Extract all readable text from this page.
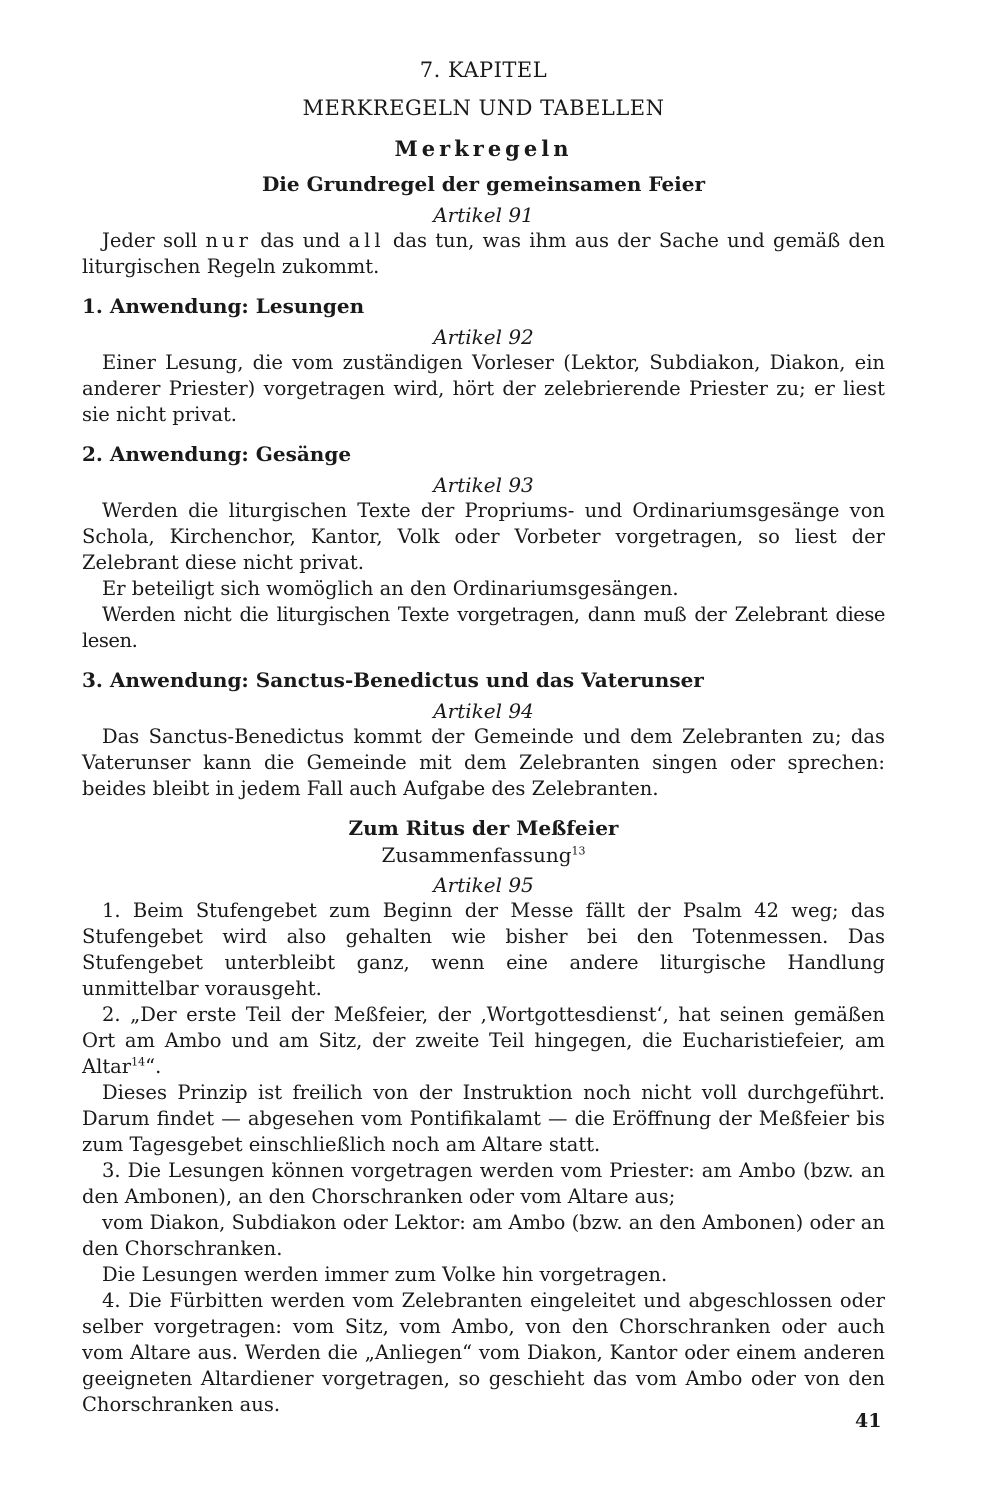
7. KAPITEL
MERKREGELN UND TABELLEN
Merkregeln
Die Grundregel der gemeinsamen Feier
Artikel 91

Jeder soll nur das und all das tun, was ihm aus der Sache und gemäß den liturgischen Regeln zukommt.

1. Anwendung: Lesungen
Artikel 92

Einer Lesung, die vom zuständigen Vorleser (Lektor, Subdiakon, Diakon, ein anderer Priester) vorgetragen wird, hört der zelebrierende Priester zu; er liest sie nicht privat.

2. Anwendung: Gesänge
Artikel 93

Werden die liturgischen Texte der Propriums- und Ordinariumsgesänge von Schola, Kirchenchor, Kantor, Volk oder Vorbeter vorgetragen, so liest der Zelebrant diese nicht privat.

Er beteiligt sich womöglich an den Ordinariumsgesängen.

Werden nicht die liturgischen Texte vorgetragen, dann muß der Zelebrant diese lesen.

3. Anwendung: Sanctus-Benedictus und das Vaterunser
Artikel 94

Das Sanctus-Benedictus kommt der Gemeinde und dem Zelebranten zu; das Vaterunser kann die Gemeinde mit dem Zelebranten singen oder sprechen: beides bleibt in jedem Fall auch Aufgabe des Zelebranten.

Zum Ritus der Meßfeier
Zusammenfassung$^{13}$
Artikel 95

1. Beim Stufengebet zum Beginn der Messe fällt der Psalm 42 weg; das Stufengebet wird also gehalten wie bisher bei den Totenmessen. Das Stufengebet unterbleibt ganz, wenn eine andere liturgische Handlung unmittelbar vorausgeht.

2. „Der erste Teil der Meßfeier, der ‚Wortgottesdienst‘, hat seinen gemäßen Ort am Ambo und am Sitz, der zweite Teil hingegen, die Eucharistiefeier, am Altar$^{14}$“.

Dieses Prinzip ist freilich von der Instruktion noch nicht voll durchgeführt. Darum findet — abgesehen vom Pontifikalamt — die Eröffnung der Meßfeier bis zum Tagesgebet einschließlich noch am Altare statt.

3. Die Lesungen können vorgetragen werden vom Priester: am Ambo (bzw. an den Ambonen), an den Chorschranken oder vom Altare aus;

vom Diakon, Subdiakon oder Lektor: am Ambo (bzw. an den Ambonen) oder an den Chorschranken.

Die Lesungen werden immer zum Volke hin vorgetragen.

4. Die Fürbitten werden vom Zelebranten eingeleitet und abgeschlossen oder selber vorgetragen: vom Sitz, vom Ambo, von den Chorschranken oder auch vom Altare aus. Werden die „Anliegen“ vom Diakon, Kantor oder einem anderen geeigneten Altardiener vorgetragen, so geschieht das vom Ambo oder von den Chorschranken aus.

41
